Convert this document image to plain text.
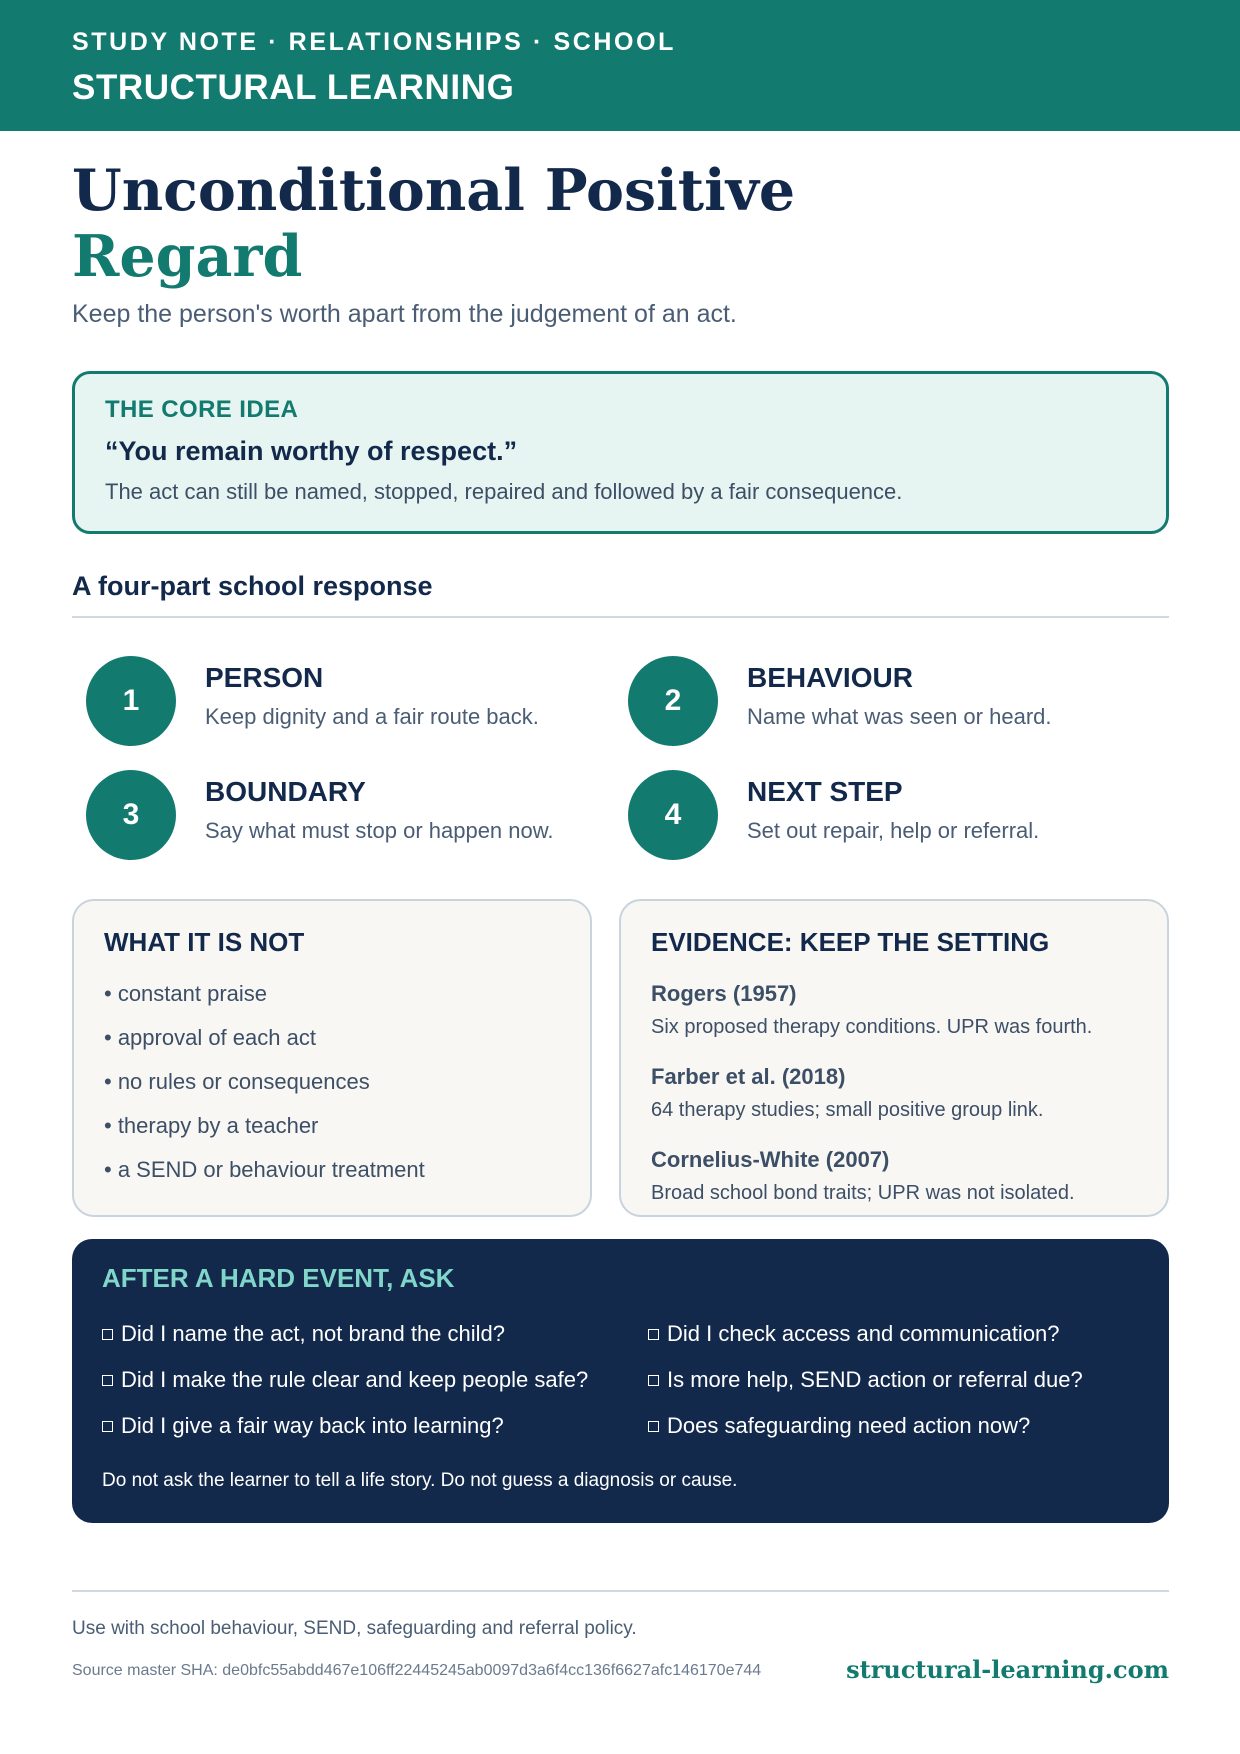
STUDY NOTE · RELATIONSHIPS · SCHOOL
STRUCTURAL LEARNING
Unconditional Positive
Regard

Keep the person's worth apart from the judgement of an act.

THE CORE IDEA
“You remain worthy of respect.”
The act can still be named, stopped, repaired and followed by a fair consequence.
A four-part school response
1
PERSON
Keep dignity and a fair route back.	2
BEHAVIOUR
Name what was seen or heard.
3
BOUNDARY
Say what must stop or happen now.	4
NEXT STEP
Set out repair, help or referral.
WHAT IT IS NOT
• constant praise
• approval of each act
• no rules or consequences
• therapy by a teacher
• a SEND or behaviour treatment
EVIDENCE: KEEP THE SETTING
Rogers (1957)
Six proposed therapy conditions. UPR was fourth.
Farber et al. (2018)
64 therapy studies; small positive group link.
Cornelius-White (2007)
Broad school bond traits; UPR was not isolated.
AFTER A HARD EVENT, ASK
Did I name the act, not brand the child?
Did I make the rule clear and keep people safe?
Did I give a fair way back into learning?
Did I check access and communication?
Is more help, SEND action or referral due?
Does safeguarding need action now?
Do not ask the learner to tell a life story. Do not guess a diagnosis or cause.

Use with school behaviour, SEND, safeguarding and referral policy.

Source master SHA: de0bfc55abdd467e106ff22445245ab0097d3a6f4cc136f6627afc146170e744	structural-learning.com
